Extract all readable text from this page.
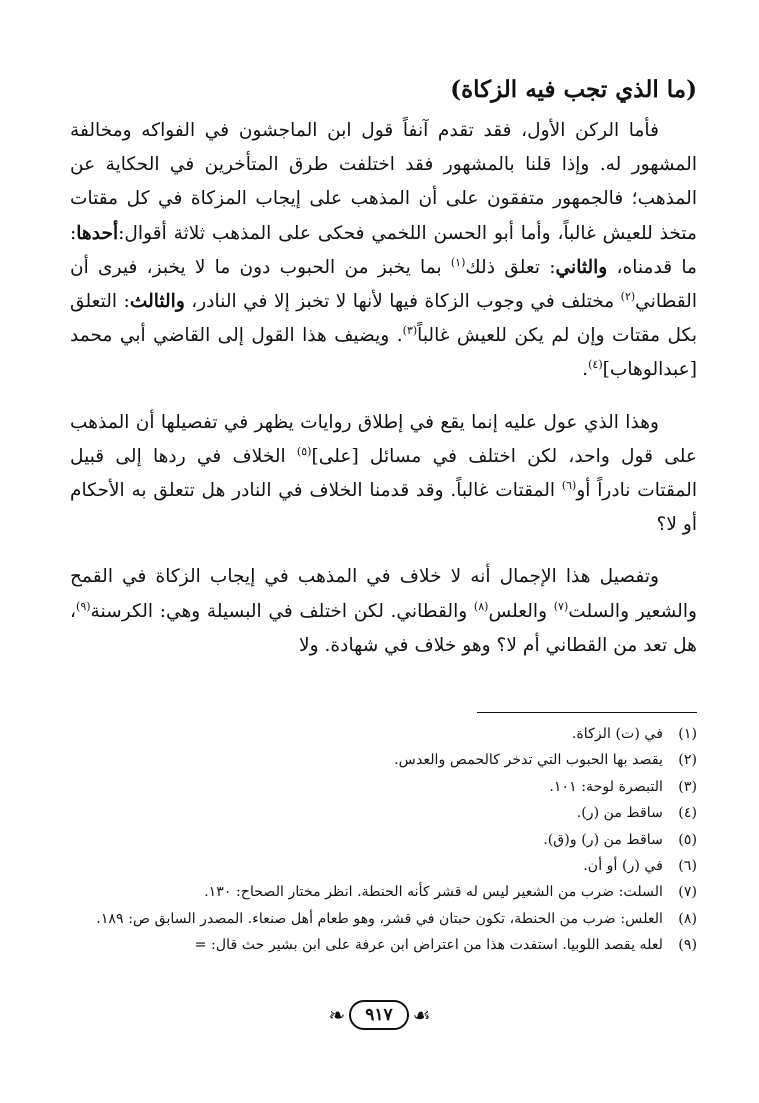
(ما الذي تجب فيه الزكاة)

فأما الركن الأول، فقد تقدم آنفاً قول ابن الماجشون في الفواكه ومخالفة المشهور له. وإذا قلنا بالمشهور فقد اختلفت طرق المتأخرين في الحكاية عن المذهب؛ فالجمهور متفقون على أن المذهب على إيجاب المزكاة في كل مقتات متخذ للعيش غالباً، وأما أبو الحسن اللخمي فحكى على المذهب ثلاثة أقوال:أحدها: ما قدمناه، والثاني: تعلق ذلك$^{(١)}$ بما يخبز من الحبوب دون ما لا يخبز، فيرى أن القطاني$^{(٢)}$ مختلف في وجوب الزكاة فيها لأنها لا تخبز إلا في النادر، والثالث: التعلق بكل مقتات وإن لم يكن للعيش غالباً$^{(٣)}$. ويضيف هذا القول إلى القاضي أبي محمد [عبدالوهاب]$^{(٤)}$.

وهذا الذي عول عليه إنما يقع في إطلاق روايات يظهر في تفصيلها أن المذهب على قول واحد، لكن اختلف في مسائل [على]$^{(٥)}$ الخلاف في ردها إلى قبيل المقتات نادراً أو$^{(٦)}$ المقتات غالباً. وقد قدمنا الخلاف في النادر هل تتعلق به الأحكام أو لا؟

وتفصيل هذا الإجمال أنه لا خلاف في المذهب في إيجاب الزكاة في القمح والشعير والسلت$^{(٧)}$ والعلس$^{(٨)}$ والقطاني. لكن اختلف في البسيلة وهي: الكرسنة$^{(٩)}$، هل تعد من القطاني أم لا؟ وهو خلاف في شهادة. ولا

(١)
في (ت) الزكاة.
(٢)
يقصد بها الحبوب التي تدخر كالحمص والعدس.
(٣)
التبصرة لوحة: ١٠١.
(٤)
ساقط من (ر).
(٥)
ساقط من (ر) و(ق).
(٦)
في (ر) أو أن.
(٧)
السلت: ضرب من الشعير ليس له قشر كأنه الحنطة. انظر مختار الصحاح: ١٣٠.
(٨)
العلس: ضرب من الحنطة، تكون حبتان في قشر، وهو طعام أهل صنعاء. المصدر السابق ص: ١٨٩.
(٩)
لعله يقصد اللوبيا. استفدت هذا من اعتراض ابن عرفة على ابن بشير حث قال: =
❧	٩١٧	☙
